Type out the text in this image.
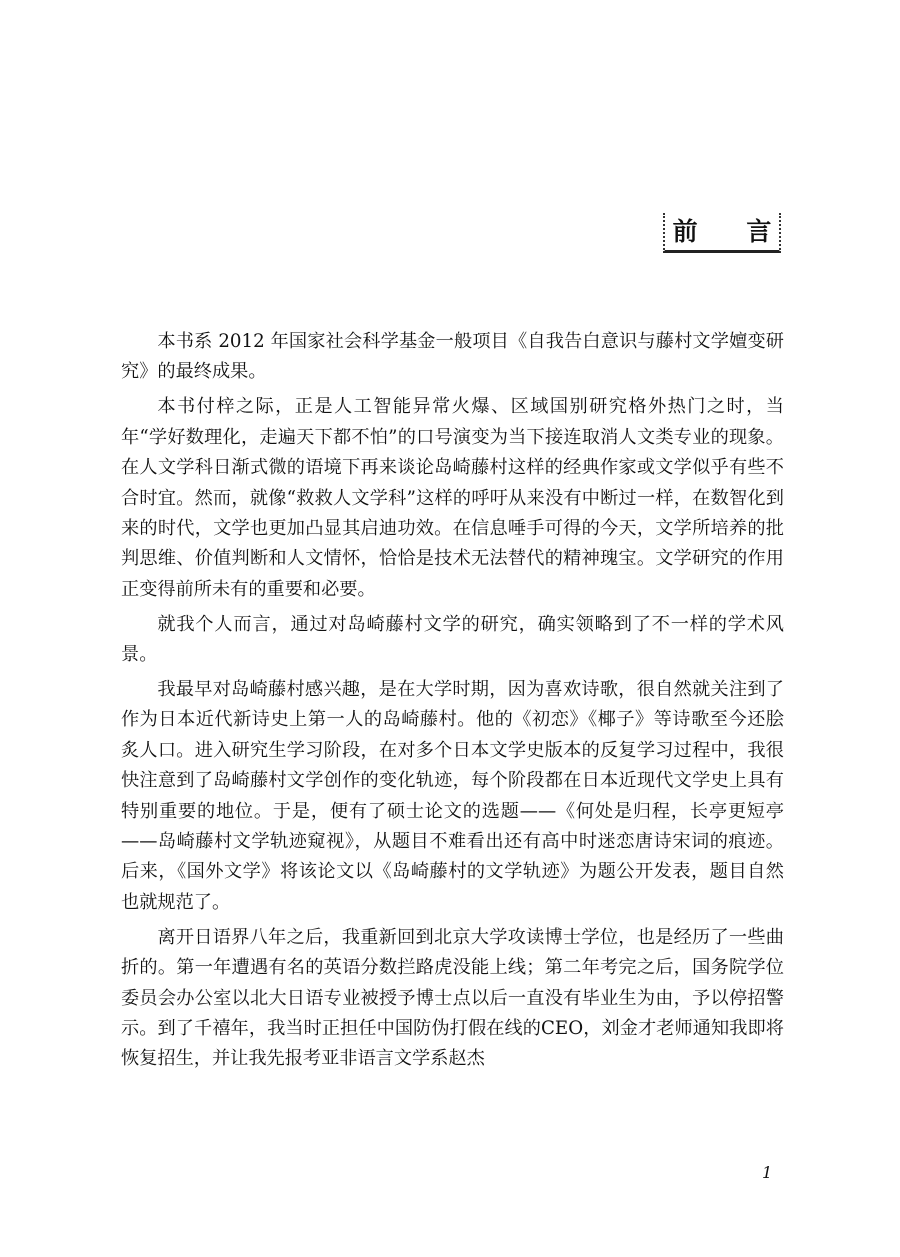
前 言

本书系 2012 年国家社会科学基金一般项目《自我告白意识与藤村文学嬗变研究》的最终成果。

本书付梓之际，正是人工智能异常火爆、区域国别研究格外热门之时，当年“学好数理化，走遍天下都不怕”的口号演变为当下接连取消人文类专业的现象。在人文学科日渐式微的语境下再来谈论岛崎藤村这样的经典作家或文学似乎有些不合时宜。然而，就像“救救人文学科”这样的呼吁从来没有中断过一样，在数智化到来的时代，文学也更加凸显其启迪功效。在信息唾手可得的今天，文学所培养的批判思维、价值判断和人文情怀，恰恰是技术无法替代的精神瑰宝。文学研究的作用正变得前所未有的重要和必要。

就我个人而言，通过对岛崎藤村文学的研究，确实领略到了不一样的学术风景。

我最早对岛崎藤村感兴趣，是在大学时期，因为喜欢诗歌，很自然就关注到了作为日本近代新诗史上第一人的岛崎藤村。他的《初恋》《椰子》等诗歌至今还脍炙人口。进入研究生学习阶段，在对多个日本文学史版本的反复学习过程中，我很快注意到了岛崎藤村文学创作的变化轨迹，每个阶段都在日本近现代文学史上具有特别重要的地位。于是，便有了硕士论文的选题——《何处是归程，长亭更短亭——岛崎藤村文学轨迹窥视》，从题目不难看出还有高中时迷恋唐诗宋词的痕迹。后来，《国外文学》将该论文以《岛崎藤村的文学轨迹》为题公开发表，题目自然也就规范了。

离开日语界八年之后，我重新回到北京大学攻读博士学位，也是经历了一些曲折的。第一年遭遇有名的英语分数拦路虎没能上线；第二年考完之后，国务院学位委员会办公室以北大日语专业被授予博士点以后一直没有毕业生为由，予以停招警示。到了千禧年，我当时正担任中国防伪打假在线的CEO，刘金才老师通知我即将恢复招生，并让我先报考亚非语言文学系赵杰

1
